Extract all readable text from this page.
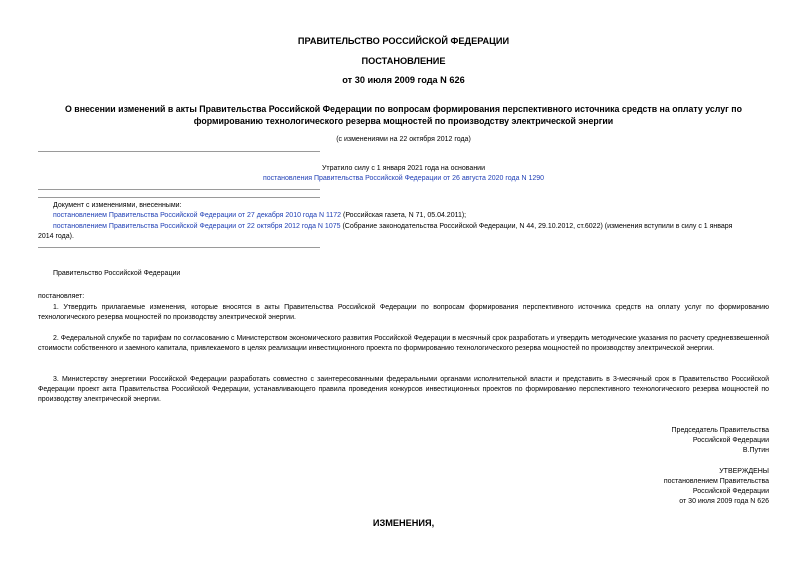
ПРАВИТЕЛЬСТВО РОССИЙСКОЙ ФЕДЕРАЦИИ
ПОСТАНОВЛЕНИЕ
от 30 июля 2009 года N 626
О внесении изменений в акты Правительства Российской Федерации по вопросам формирования перспективного источника средств на оплату услуг по
формированию технологического резерва мощностей по производству электрической энергии
(с изменениями на 22 октября 2012 года)
Утратило силу с 1 января 2021 года на основании
постановления Правительства Российской Федерации от 26 августа 2020 года N 1290
Документ с изменениями, внесенными:
постановлением Правительства Российской Федерации от 27 декабря 2010 года N 1172 (Российская газета, N 71, 05.04.2011);
постановлением Правительства Российской Федерации от 22 октября 2012 года N 1075 (Собрание законодательства Российской Федерации, N 44, 29.10.2012, ст.6022) (изменения вступили в силу с 1 января
2014 года).
Правительство Российской Федерации
постановляет:
1. Утвердить прилагаемые изменения, которые вносятся в акты Правительства Российской Федерации по вопросам формирования перспективного источника средств на оплату услуг по формированию технологического резерва мощностей по производству электрической энергии.
2. Федеральной службе по тарифам по согласованию с Министерством экономического развития Российской Федерации в месячный срок разработать и утвердить методические указания по расчету средневзвешенной стоимости собственного и заемного капитала, привлекаемого в целях реализации инвестиционного проекта по формированию технологического резерва мощностей по производству электрической энергии.
3. Министерству энергетики Российской Федерации разработать совместно с заинтересованными федеральными органами исполнительной власти и представить в 3-месячный срок в Правительство Российской Федерации проект акта Правительства Российской Федерации, устанавливающего правила проведения конкурсов инвестиционных проектов по формированию перспективного технологического резерва мощностей по производству электрической энергии.
Председатель Правительства
Российской Федерации
В.Путин
УТВЕРЖДЕНЫ
постановлением Правительства
Российской Федерации
от 30 июля 2009 года N 626
ИЗМЕНЕНИЯ,
